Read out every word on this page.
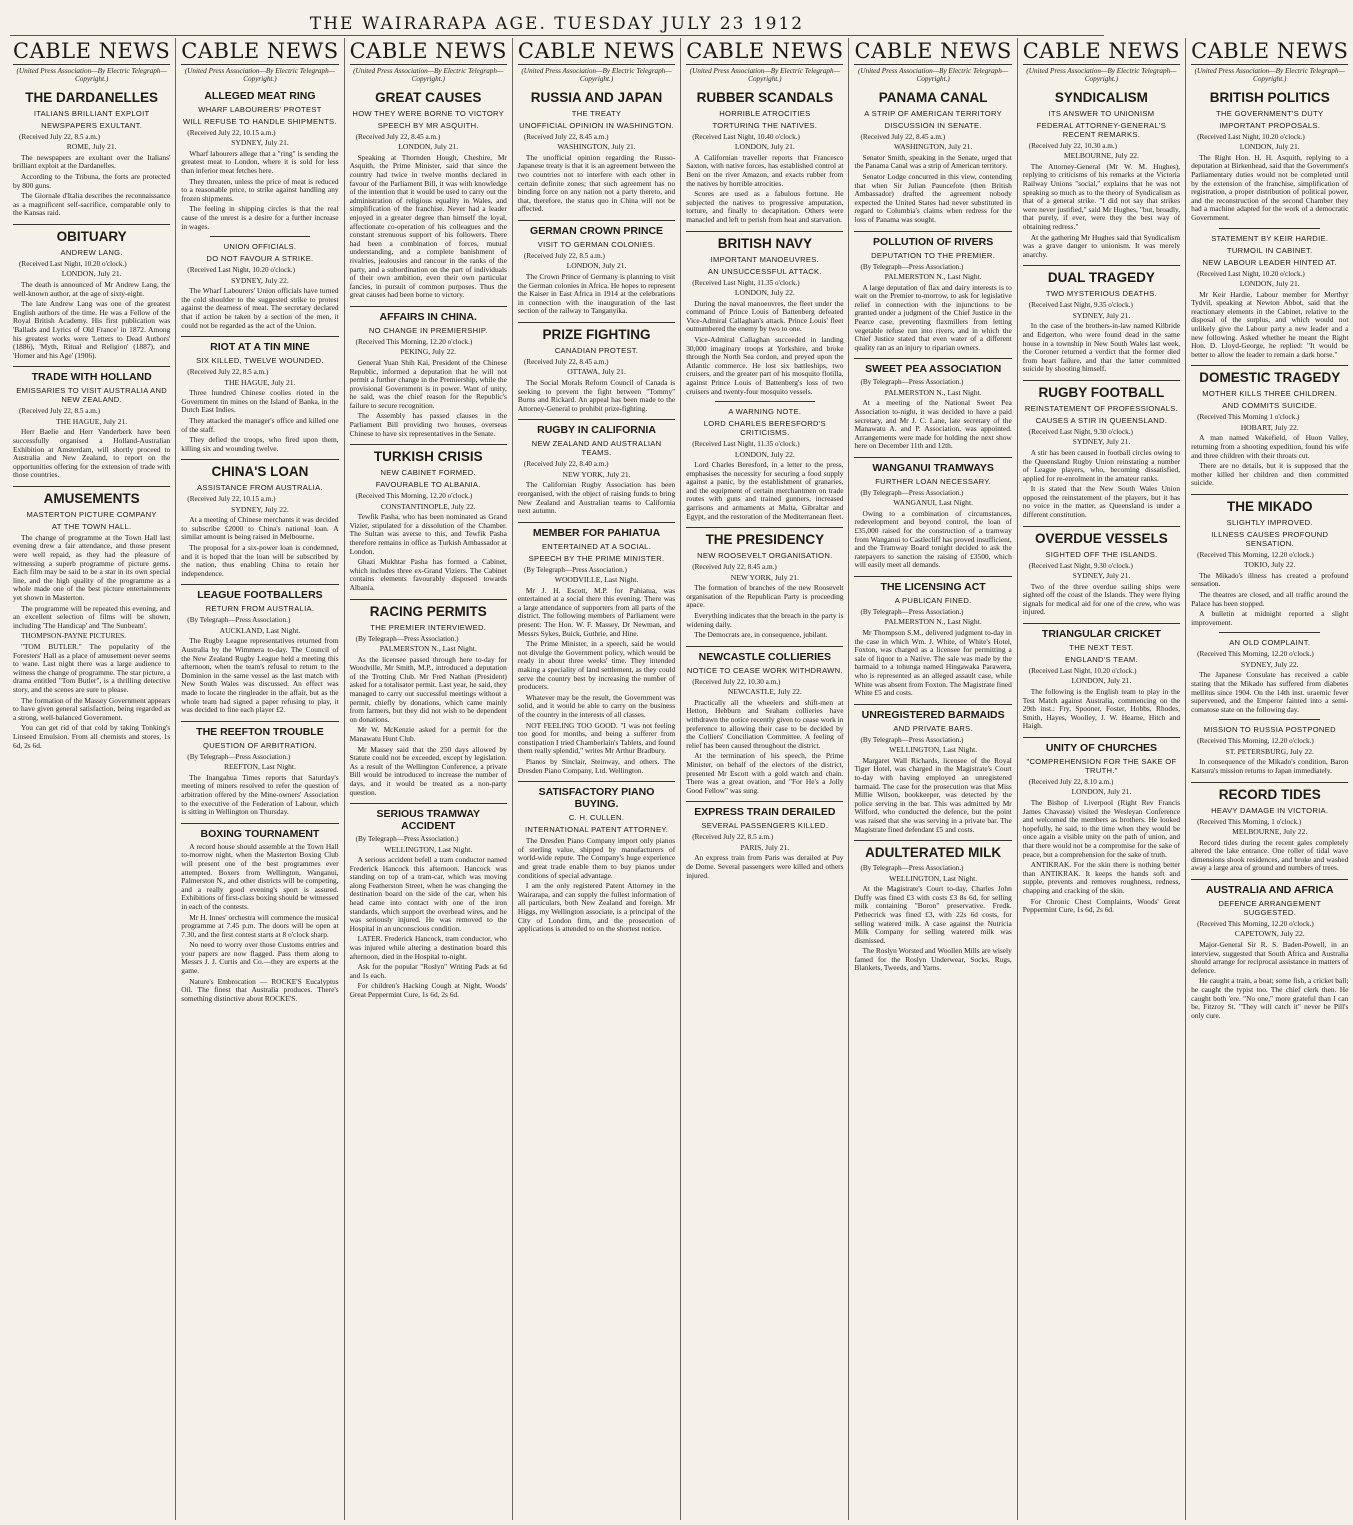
THE WAIRARAPA AGE. TUESDAY JULY 23 1912
CABLE NEWS
(United Press Association—By Electric Telegraph—Copyright.)
THE DARDANELLES
ITALIANS BRILLIANT EXPLOIT
NEWSPAPERS EXULTANT.
(Received July 22, 8.5 a.m.)
ROME, July 21.
The newspapers are exultant over the Italians' brilliant exploit at the Dardanelles.
According to the Tribuna, the forts are protected by 800 guns.
The Giornale d'Italia describes the reconnaissance as a magnificent self-sacrifice, comparable only to the Kansas raid.
OBITUARY
ANDREW LANG.
(Received Last Night, 10.20 o'clock.)
LONDON, July 21.
The death is announced of Mr Andrew Lang, the well-known author, at the age of sixty-eight.
The late Andrew Lang was one of the greatest English authors of the time. He was a Fellow of the Royal British Academy. His first publication was 'Ballads and Lyrics of Old France' in 1872. Among his greatest works were 'Letters to Dead Authors' (1886), 'Myth, Ritual and Religion' (1887), and 'Homer and his Age' (1906).
TRADE WITH HOLLAND
EMISSARIES TO VISIT AUSTRALIA AND NEW ZEALAND.
(Received July 22, 8.5 a.m.)
THE HAGUE, July 21.
Herr Baelie and Herr Vanderberk have been successfully organised a Holland-Australian Exhibition at Amsterdam, will shortly proceed to Australia and New Zealand, to report on the opportunities offering for the extension of trade with those countries.
AMUSEMENTS
MASTERTON PICTURE COMPANY
AT THE TOWN HALL.
The change of programme at the Town Hall last evening drew a fair attendance, and those present were well repaid, as they had the pleasure of witnessing a superb programme of picture gems. Each film may be said to be a star in its own special line, and the high quality of the programme as a whole made one of the best picture entertainments yet shown in Masterton.
The programme will be repeated this evening, and an excellent selection of films will be shown, including 'The Handicap' and 'The Sunbeam'.
THOMPSON-PAYNE PICTURES.
"TOM BUTLER." The popularity of the Foresters' Hall as a place of amusement never seems to wane. Last night there was a large audience to witness the change of programme. The star picture, a drama entitled "Tom Butler", is a thrilling detective story, and the scenes are sure to please.
The formation of the Massey Government appears to have given general satisfaction, being regarded as a strong, well-balanced Government.
You can get rid of that cold by taking Tonking's Linseed Emulsion. From all chemists and stores, 1s 6d, 2s 6d.
CABLE NEWS
(United Press Association—By Electric Telegraph—Copyright.)
ALLEGED MEAT RING
WHARF LABOURERS' PROTEST
WILL REFUSE TO HANDLE SHIPMENTS.
(Received July 22, 10.15 a.m.)
SYDNEY, July 21.
Wharf labourers allege that a "ring" is sending the greatest meat to London, where it is sold for less than inferior meat fetches here.
They threaten, unless the price of meat is reduced to a reasonable price, to strike against handling any frozen shipments.
The feeling in shipping circles is that the real cause of the unrest is a desire for a further increase in wages.
UNION OFFICIALS.
DO NOT FAVOUR A STRIKE.
(Received Last Night, 10.20 o'clock.)
SYDNEY, July 22.
The Wharf Labourers' Union officials have turned the cold shoulder to the suggested strike to protest against the dearness of meat. The secretary declared that if action be taken by a section of the men, it could not be regarded as the act of the Union.
RIOT AT A TIN MINE
SIX KILLED, TWELVE WOUNDED.
(Received July 22, 8.5 a.m.)
THE HAGUE, July 21.
Three hundred Chinese coolies rioted in the Government tin mines on the Island of Banka, in the Dutch East Indies.
They attacked the manager's office and killed one of the staff.
They defied the troops, who fired upon them, killing six and wounding twelve.
CHINA'S LOAN
ASSISTANCE FROM AUSTRALIA.
(Received July 22, 10.15 a.m.)
SYDNEY, July 22.
At a meeting of Chinese merchants it was decided to subscribe £2000 to China's national loan. A similar amount is being raised in Melbourne.
The proposal for a six-power loan is condemned, and it is hoped that the loan will be subscribed by the nation, thus enabling China to retain her independence.
LEAGUE FOOTBALLERS
RETURN FROM AUSTRALIA.
(By Telegraph—Press Association.)
AUCKLAND, Last Night.
The Rugby League representatives returned from Australia by the Wimmera to-day. The Council of the New Zealand Rugby League held a meeting this afternoon, when the team's refusal to return to the Dominion in the same vessel as the last match with New South Wales was discussed. An effect was made to locate the ringleader in the affair, but as the whole team had signed a paper refusing to play, it was decided to fine each player £2.
THE REEFTON TROUBLE
QUESTION OF ARBITRATION.
(By Telegraph—Press Association.)
REEFTON, Last Night.
The Inangahua Times reports that Saturday's meeting of miners resolved to refer the question of arbitration offered by the Mine-owners' Association to the executive of the Federation of Labour, which is sitting in Wellington on Thursday.
BOXING TOURNAMENT
A record house should assemble at the Town Hall to-morrow night, when the Masterton Boxing Club will present one of the best programmes ever attempted. Boxers from Wellington, Wanganui, Palmerston N., and other districts will be competing, and a really good evening's sport is assured. Exhibitions of first-class boxing should be witnessed in each of the contests.
Mr H. Innes' orchestra will commence the musical programme at 7.45 p.m. The doors will be open at 7.30, and the first contest starts at 8 o'clock sharp.
No need to worry over those Customs entries and your papers are now flagged. Pass them along to Messrs J. J. Curtis and Co.—they are experts at the game.
Nature's Embrocation — ROCKE'S Eucalyptus Oil. The finest that Australia produces. There's something distinctive about ROCKE'S.
CABLE NEWS
(United Press Association—By Electric Telegraph—Copyright.)
GREAT CAUSES
HOW THEY WERE BORNE TO VICTORY
SPEECH BY MR ASQUITH.
(Received July 22, 8.45 a.m.)
LONDON, July 21.
Speaking at Thornden Hough, Cheshire, Mr Asquith, the Prime Minister, said that since the country had twice in twelve months declared in favour of the Parliament Bill, it was with knowledge of the intention that it would be used to carry out the administration of religious equality in Wales, and simplification of the franchise. Never had a leader enjoyed in a greater degree than himself the loyal, affectionate co-operation of his colleagues and the constant strenuous support of his followers. There had been a combination of forces, mutual understanding, and a complete banishment of rivalries, jealousies and rancour in the ranks of the party, and a subordination on the part of individuals of their own ambition, even their own particular fancies, in pursuit of common purposes. Thus the great causes had been borne to victory.
AFFAIRS IN CHINA.
NO CHANGE IN PREMIERSHIP.
(Received This Morning, 12.20 o'clock.)
PEKING, July 22.
General Yuan Shih Kai, President of the Chinese Republic, informed a deputation that he will not permit a further change in the Premiership, while the provisional Government is in power. Want of unity, he said, was the chief reason for the Republic's failure to secure recognition.
The Assembly has passed clauses in the Parliament Bill providing two houses, overseas Chinese to have six representatives in the Senate.
TURKISH CRISIS
NEW CABINET FORMED.
FAVOURABLE TO ALBANIA.
(Received This Morning, 12.20 o'clock.)
CONSTANTINOPLE, July 22.
Tewfik Pasha, who has been nominated as Grand Vizier, stipulated for a dissolution of the Chamber. The Sultan was averse to this, and Tewfik Pasha therefore remains in office as Turkish Ambassador at London.
Ghazi Mukhtar Pasha has formed a Cabinet, which includes three ex-Grand Viziers. The Cabinet contains elements favourably disposed towards Albania.
RACING PERMITS
THE PREMIER INTERVIEWED.
(By Telegraph—Press Association.)
PALMERSTON N., Last Night.
As the licensee passed through here to-day for Woodville, Mr Smith, M.P., introduced a deputation of the Trotting Club. Mr Fred Nathan (President) asked for a totalisator permit. Last year, he said, they managed to carry out successful meetings without a permit, chiefly by donations, which came mainly from farmers, but they did not wish to be dependent on donations.
Mr W. McKenzie asked for a permit for the Manawatu Hunt Club.
Mr Massey said that the 250 days allowed by Statute could not be exceeded, except by legislation. As a result of the Wellington Conference, a private Bill would be introduced to increase the number of days, and it would be treated as a non-party question.
SERIOUS TRAMWAY ACCIDENT
(By Telegraph—Press Association.)
WELLINGTON, Last Night.
A serious accident befell a tram conductor named Frederick Hancock this afternoon. Hancock was standing on top of a tram-car, which was moving along Featherston Street, when he was changing the destination board on the side of the car, when his head came into contact with one of the iron standards, which support the overhead wires, and he was seriously injured. He was removed to the Hospital in an unconscious condition.
LATER. Frederick Hancock, tram conductor, who was injured while altering a destination board this afternoon, died in the Hospital to-night.
Ask for the popular "Roslyn" Writing Pads at 6d and 1s each.
For children's Hacking Cough at Night, Woods' Great Peppermint Cure, 1s 6d, 2s 6d.
CABLE NEWS
(United Press Association—By Electric Telegraph—Copyright.)
RUSSIA AND JAPAN
THE TREATY
UNOFFICIAL OPINION IN WASHINGTON.
(Received July 22, 8.45 a.m.)
WASHINGTON, July 21.
The unofficial opinion regarding the Russo-Japanese treaty is that it is an agreement between the two countries not to interfere with each other in certain definite zones; that such agreement has no binding force on any nation not a party thereto, and that, therefore, the status quo in China will not be affected.
GERMAN CROWN PRINCE
VISIT TO GERMAN COLONIES.
(Received July 22, 8.5 a.m.)
LONDON, July 21.
The Crown Prince of Germany is planning to visit the German colonies in Africa. He hopes to represent the Kaiser in East Africa in 1914 at the celebrations in connection with the inauguration of the last section of the railway to Tanganyika.
PRIZE FIGHTING
CANADIAN PROTEST.
(Received July 22, 8.45 a.m.)
OTTAWA, July 21.
The Social Morals Reform Council of Canada is seeking to prevent the fight between "Tommy" Burns and Rickard. An appeal has been made to the Attorney-General to prohibit prize-fighting.
RUGBY IN CALIFORNIA
NEW ZEALAND AND AUSTRALIAN TEAMS.
(Received July 22, 8.40 a.m.)
NEW YORK, July 21.
The Californian Rugby Association has been reorganised, with the object of raising funds to bring New Zealand and Australian teams to California next autumn.
MEMBER FOR PAHIATUA
ENTERTAINED AT A SOCIAL.
SPEECH BY THE PRIME MINISTER.
(By Telegraph—Press Association.)
WOODVILLE, Last Night.
Mr J. H. Escott, M.P. for Pahiatua, was entertained at a social there this evening. There was a large attendance of supporters from all parts of the district. The following members of Parliament were present: The Hon. W. F. Massey, Dr Newman, and Messrs Sykes, Buick, Guthrie, and Hine.
The Prime Minister, in a speech, said he would not divulge the Government policy, which would be ready in about three weeks' time. They intended making a speciality of land settlement, as they could serve the country best by increasing the number of producers.
Whatever may be the result, the Government was solid, and it would be able to carry on the business of the country in the interests of all classes.
NOT FEELING TOO GOOD. "I was not feeling too good for months, and being a sufferer from constipation I tried Chamberlain's Tablets, and found them really splendid," writes Mr Arthur Bradbury.
Pianos by Sinclair, Steinway, and others. The Dresden Piano Company, Ltd. Wellington.
SATISFACTORY PIANO BUYING.
C. H. CULLEN.
INTERNATIONAL PATENT ATTORNEY.
The Dresden Piano Company import only pianos of sterling value, shipped by manufacturers of world-wide repute. The Company's huge experience and great trade enable them to buy pianos under conditions of special advantage.
I am the only registered Patent Attorney in the Wairarapa, and can supply the fullest information of all particulars, both New Zealand and foreign. Mr Higgs, my Wellington associate, is a principal of the City of London firm, and the prosecution of applications is attended to on the shortest notice.
CABLE NEWS
(United Press Association—By Electric Telegraph—Copyright.)
RUBBER SCANDALS
HORRIBLE ATROCITIES
TORTURING THE NATIVES.
(Received Last Night, 10.40 o'clock.)
LONDON, July 21.
A Californian traveller reports that Francesco Saxton, with native forces, has established control at Beni on the river Amazon, and exacts rubber from the natives by horrible atrocities.
Scores are used as a fabulous fortune. He subjected the natives to progressive amputation, torture, and finally to decapitation. Others were manacled and left to perish from heat and starvation.
BRITISH NAVY
IMPORTANT MANOEUVRES.
AN UNSUCCESSFUL ATTACK.
(Received Last Night, 11.35 o'clock.)
LONDON, July 22.
During the naval manoeuvres, the fleet under the command of Prince Louis of Battenberg defeated Vice-Admiral Callaghan's attack. Prince Louis' fleet outnumbered the enemy by two to one.
Vice-Admiral Callaghan succeeded in landing 30,000 imaginary troops at Yorkshire, and broke through the North Sea cordon, and preyed upon the Atlantic commerce. He lost six battleships, two cruisers, and the greater part of his mosquito flotilla, against Prince Louis of Battenberg's loss of two cruisers and twenty-four mosquito vessels.
A WARNING NOTE.
LORD CHARLES BERESFORD'S CRITICISMS.
(Received Last Night, 11.35 o'clock.)
LONDON, July 22.
Lord Charles Beresford, in a letter to the press, emphasises the necessity for securing a food supply against a panic, by the establishment of granaries, and the equipment of certain merchantmen on trade routes with guns and trained gunners, increased garrisons and armaments at Malta, Gibraltar and Egypt, and the restoration of the Mediterranean fleet.
THE PRESIDENCY
NEW ROOSEVELT ORGANISATION.
(Received July 22, 8.45 a.m.)
NEW YORK, July 21.
The formation of branches of the new Roosevelt organisation of the Republican Party is proceeding apace.
Everything indicates that the breach in the party is widening daily.
The Democrats are, in consequence, jubilant.
NEWCASTLE COLLIERIES
NOTICE TO CEASE WORK WITHDRAWN.
(Received July 22, 10.30 a.m.)
NEWCASTLE, July 22.
Practically all the wheelers and shift-men at Hetton, Hebburn and Seaham collieries have withdrawn the notice recently given to cease work in preference to allowing their case to be decided by the Colliers' Conciliation Committee. A feeling of relief has been caused throughout the district.
At the termination of his speech, the Prime Minister, on behalf of the electors of the district, presented Mr Escott with a gold watch and chain. There was a great ovation, and "For He's a Jolly Good Fellow" was sung.
EXPRESS TRAIN DERAILED
SEVERAL PASSENGERS KILLED.
(Received July 22, 8.5 a.m.)
PARIS, July 21.
An express train from Paris was derailed at Puy de Dome. Several passengers were killed and others injured.
CABLE NEWS
(United Press Association—By Electric Telegraph—Copyright.)
PANAMA CANAL
A STRIP OF AMERICAN TERRITORY
DISCUSSION IN SENATE.
(Received July 22, 8.45 a.m.)
WASHINGTON, July 21.
Senator Smith, speaking in the Senate, urged that the Panama Canal was a strip of American territory.
Senator Lodge concurred in this view, contending that when Sir Julian Pauncefote (then British Ambassador) drafted the agreement nobody expected the United States had never substituted in regard to Columbia's claims when redress for the loss of Panama was sought.
POLLUTION OF RIVERS
DEPUTATION TO THE PREMIER.
(By Telegraph—Press Association.)
PALMERSTON N., Last Night.
A large deputation of flax and dairy interests is to wait on the Premier to-morrow, to ask for legislative relief in connection with the injunctions to be granted under a judgment of the Chief Justice in the Pearce case, preventing flaxmillers from letting vegetable refuse run into rivers, and in which the Chief Justice stated that even water of a different quality ran as an injury to riparian owners.
SWEET PEA ASSOCIATION
(By Telegraph—Press Association.)
PALMERSTON N., Last Night.
At a meeting of the National Sweet Pea Association to-night, it was decided to have a paid secretary, and Mr J. C. Lane, late secretary of the Manawatu A. and P. Association, was appointed. Arrangements were made for holding the next show here on December 11th and 12th.
WANGANUI TRAMWAYS
FURTHER LOAN NECESSARY.
(By Telegraph—Press Association.)
WANGANUI, Last Night.
Owing to a combination of circumstances, redevelopment and beyond control, the loan of £35,000 raised for the construction of a tramway from Wanganui to Castlecliff has proved insufficient, and the Tramway Board tonight decided to ask the ratepayers to sanction the raising of £3500, which will easily meet all demands.
THE LICENSING ACT
A PUBLICAN FINED.
(By Telegraph—Press Association.)
PALMERSTON N., Last Night.
Mr Thompson S.M., delivered judgment to-day in the case in which Wm. J. White, of White's Hotel, Foxton, was charged as a licensee for permitting a sale of liquor to a Native. The sale was made by the barmaid to a tohunga named Hingawaka Parawera, who is represented as an alleged assault case, while White was absent from Foxton. The Magistrate fined White £5 and costs.
UNREGISTERED BARMAIDS
AND PRIVATE BARS.
(By Telegraph—Press Association.)
WELLINGTON, Last Night.
Margaret Wall Richards, licensee of the Royal Tiger Hotel, was charged in the Magistrate's Court to-day with having employed an unregistered barmaid. The case for the prosecution was that Miss Millie Wilson, bookkeeper, was detected by the police serving in the bar. This was admitted by Mr Wilford, who conducted the defence, but the point was raised that she was serving in a private bar. The Magistrate fined defendant £5 and costs.
ADULTERATED MILK
(By Telegraph—Press Association.)
WELLINGTON, Last Night.
At the Magistrate's Court to-day, Charles John Duffy was fined £3 with costs £3 8s 6d, for selling milk containing "Boron" preservative. Fredk. Pethecrick was fined £3, with 22s 6d costs, for selling watered milk. A case against the Nutricia Milk Company for selling watered milk was dismissed.
The Roslyn Worsted and Woollen Mills are wisely famed for the Roslyn Underwear, Socks, Rugs, Blankets, Tweeds, and Yarns.
CABLE NEWS
(United Press Association—By Electric Telegraph—Copyright.)
SYNDICALISM
ITS ANSWER TO UNIONISM
FEDERAL ATTORNEY-GENERAL'S RECENT REMARKS.
(Received July 22, 10.30 a.m.)
MELBOURNE, July 22.
The Attorney-General (Mr W. M. Hughes), replying to criticisms of his remarks at the Victoria Railway Unions "social," explains that he was not speaking so much as to the theory of Syndicalism as that of a general strike. "I did not say that strikes were never justified," said Mr Hughes, "but, broadly, that purely, if ever, were they the best way of obtaining redress."
At the gathering Mr Hughes said that Syndicalism was a grave danger to unionism. It was merely anarchy.
DUAL TRAGEDY
TWO MYSTERIOUS DEATHS.
(Received Last Night, 9.35 o'clock.)
SYDNEY, July 21.
In the case of the brothers-in-law named Kilbride and Edgerton, who were found dead in the same house in a township in New South Wales last week, the Coroner returned a verdict that the former died from heart failure, and that the latter committed suicide by shooting himself.
RUGBY FOOTBALL
REINSTATEMENT OF PROFESSIONALS.
CAUSES A STIR IN QUEENSLAND.
(Received Last Night, 9.30 o'clock.)
SYDNEY, July 21.
A stir has been caused in football circles owing to the Queensland Rugby Union reinstating a number of League players, who, becoming dissatisfied, applied for re-enrolment in the amateur ranks.
It is stated that the New South Wales Union opposed the reinstatement of the players, but it has no voice in the matter, as Queensland is under a different constitution.
OVERDUE VESSELS
SIGHTED OFF THE ISLANDS.
(Received Last Night, 9.30 o'clock.)
SYDNEY, July 21.
Two of the three overdue sailing ships were sighted off the coast of the Islands. They were flying signals for medical aid for one of the crew, who was injured.
TRIANGULAR CRICKET
THE NEXT TEST.
ENGLAND'S TEAM.
(Received Last Night, 10.20 o'clock.)
LONDON, July 21.
The following is the English team to play in the Test Match against Australia, commencing on the 29th inst.: Fry, Spooner, Foster, Hobbs, Rhodes, Smith, Hayes, Woolley, J. W. Hearne, Hitch and Haigh.
UNITY OF CHURCHES
"COMPREHENSION FOR THE SAKE OF TRUTH."
(Received July 22, 8.10 a.m.)
LONDON, July 21.
The Bishop of Liverpool (Right Rev Francis James Chavasse) visited the Wesleyan Conference and welcomed the members as brothers. He looked hopefully, he said, to the time when they would be once again a visible unity on the path of union, and that there would not be a compromise for the sake of peace, but a comprehension for the sake of truth.
ANTIKRAK. For the skin there is nothing better than ANTIKRAK. It keeps the hands soft and supple, prevents and removes roughness, redness, chapping and cracking of the skin.
For Chronic Chest Complaints, Woods' Great Peppermint Cure, 1s 6d, 2s 6d.
CABLE NEWS
(United Press Association—By Electric Telegraph—Copyright.)
BRITISH POLITICS
THE GOVERNMENT'S DUTY
IMPORTANT PROPOSALS.
(Received Last Night, 10.20 o'clock.)
LONDON, July 21.
The Right Hon. H. H. Asquith, replying to a deputation at Birkenhead, said that the Government's Parliamentary duties would not be completed until by the extension of the franchise, simplification of registration, a proper distribution of political power, and the reconstruction of the second Chamber they had a machine adapted for the work of a democratic Government.
STATEMENT BY KEIR HARDIE.
TURMOIL IN CABINET.
NEW LABOUR LEADER HINTED AT.
(Received Last Night, 10.20 o'clock.)
LONDON, July 21.
Mr Keir Hardie, Labour member for Merthyr Tydvil, speaking at Newton Abbot, said that the reactionary elements in the Cabinet, relative to the disposal of the surplus, and which would not unlikely give the Labour party a new leader and a new following. Asked whether he meant the Right Hon. D. Lloyd-George, he replied: "It would be better to allow the leader to remain a dark horse."
DOMESTIC TRAGEDY
MOTHER KILLS THREE CHILDREN.
AND COMMITS SUICIDE.
(Received This Morning 1 o'clock.)
HOBART, July 22.
A man named Wakefield, of Huon Valley, returning from a shooting expedition, found his wife and three children with their throats cut.
There are no details, but it is supposed that the mother killed her children and then committed suicide.
THE MIKADO
SLIGHTLY IMPROVED.
ILLNESS CAUSES PROFOUND SENSATION.
(Received This Morning, 12.20 o'clock.)
TOKIO, July 22.
The Mikado's illness has created a profound sensation.
The theatres are closed, and all traffic around the Palace has been stopped.
A bulletin at midnight reported a slight improvement.
AN OLD COMPLAINT.
(Received This Morning, 12.20 o'clock.)
SYDNEY, July 22.
The Japanese Consulate has received a cable stating that the Mikado has suffered from diabetes mellitus since 1904. On the 14th inst. uraemic fever supervened, and the Emperor fainted into a semi-comatose state on the following day.
MISSION TO RUSSIA POSTPONED
(Received This Morning, 12.20 o'clock.)
ST. PETERSBURG, July 22.
In consequence of the Mikado's condition, Baron Katsura's mission returns to Japan immediately.
RECORD TIDES
HEAVY DAMAGE IN VICTORIA.
(Received This Morning, 1 o'clock.)
MELBOURNE, July 22.
Record tides during the recent gales completely altered the lake entrance. One roller of tidal wave dimensions shook residences, and broke and washed away a large area of ground and numbers of trees.
AUSTRALIA AND AFRICA
DEFENCE ARRANGEMENT SUGGESTED.
(Received This Morning, 12.20 o'clock.)
CAPETOWN, July 22.
Major-General Sir R. S. Baden-Powell, in an interview, suggested that South Africa and Australia should arrange for reciprocal assistance in matters of defence.
He caught a train, a boat; some fish, a cricket ball; he caught the typist too. The chief clerk then. He caught both 'ere. "No one," more grateful than I can be, Fitzroy St. "They will catch it" never be Pill's only cure.
